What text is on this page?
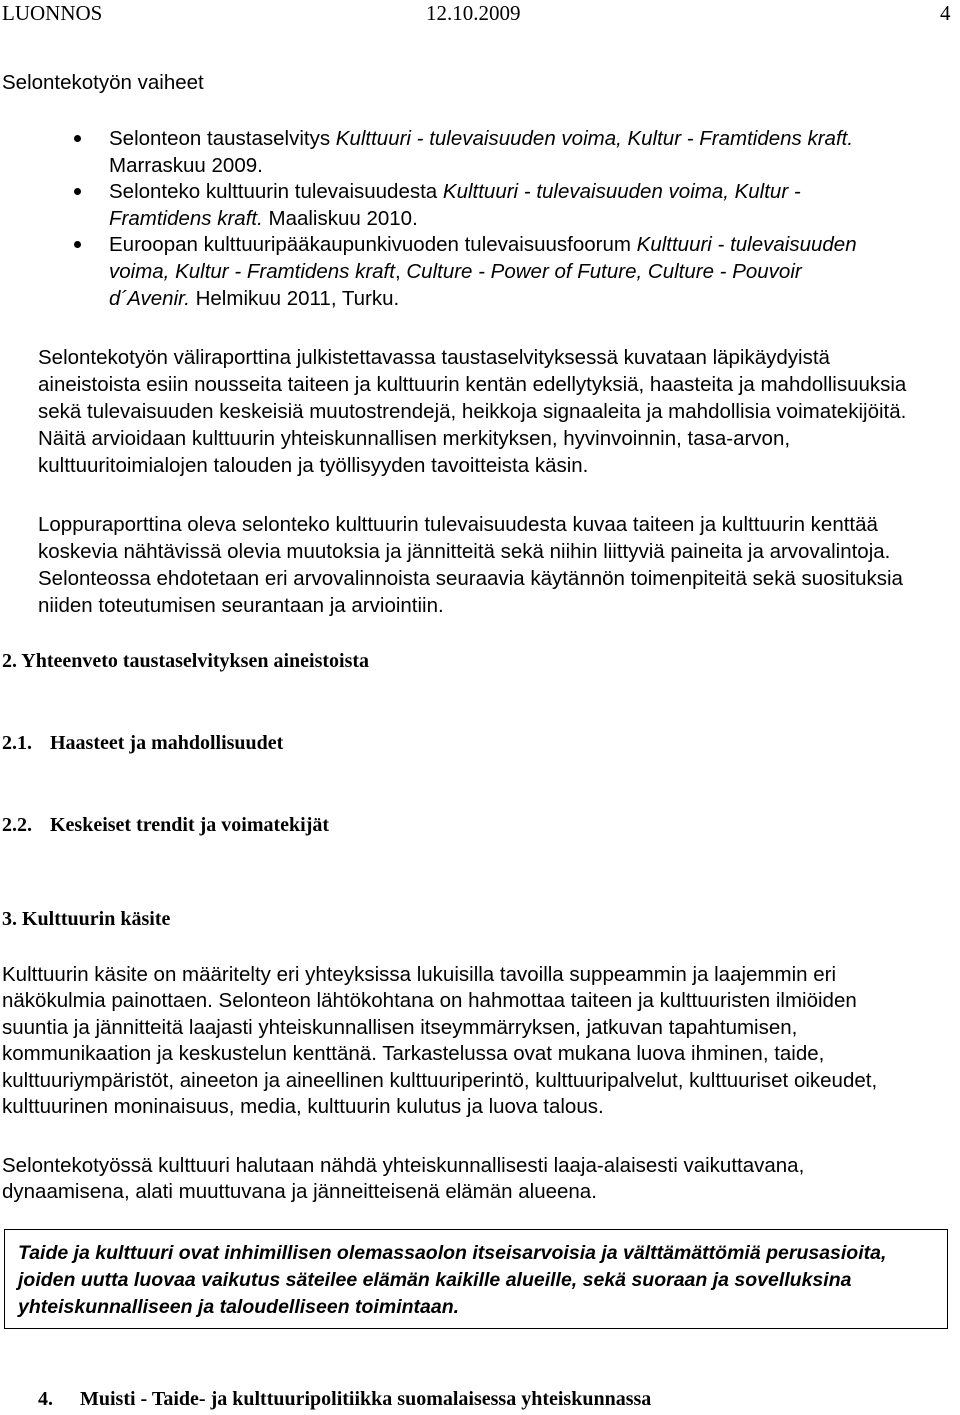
LUONNOS	12.10.2009	4
Selontekotyön vaiheet
Selonteon taustaselvitys Kulttuuri - tulevaisuuden voima, Kultur - Framtidens kraft.
Marraskuu 2009.
Selonteko kulttuurin tulevaisuudesta Kulttuuri - tulevaisuuden voima, Kultur -
Framtidens kraft. Maaliskuu 2010.
Euroopan kulttuuripääkaupunkivuoden tulevaisuusfoorum Kulttuuri - tulevaisuuden
voima, Kultur - Framtidens kraft, Culture - Power of Future, Culture - Pouvoir
d´Avenir. Helmikuu 2011, Turku.
Selontekotyön väliraporttina julkistettavassa taustaselvityksessä kuvataan läpikäydyistä
aineistoista esiin nousseita taiteen ja kulttuurin kentän edellytyksiä, haasteita ja mahdollisuuksia
sekä tulevaisuuden keskeisiä muutostrendejä, heikkoja signaaleita ja mahdollisia voimatekijöitä.
Näitä arvioidaan kulttuurin yhteiskunnallisen merkityksen, hyvinvoinnin, tasa-arvon,
kulttuuritoimialojen talouden ja työllisyyden tavoitteista käsin.
Loppuraporttina oleva selonteko kulttuurin tulevaisuudesta kuvaa taiteen ja kulttuurin kenttää
koskevia nähtävissä olevia muutoksia ja jännitteitä sekä niihin liittyviä paineita ja arvovalintoja.
Selonteossa ehdotetaan eri arvovalinnoista seuraavia käytännön toimenpiteitä sekä suosituksia
niiden toteutumisen seurantaan ja arviointiin.
2. Yhteenveto taustaselvityksen aineistoista
2.1. Haasteet ja mahdollisuudet
2.2. Keskeiset trendit ja voimatekijät
3. Kulttuurin käsite
Kulttuurin käsite on määritelty eri yhteyksissa lukuisilla tavoilla suppeammin ja laajemmin eri
näkökulmia painottaen. Selonteon lähtökohtana on hahmottaa taiteen ja kulttuuristen ilmiöiden
suuntia ja jännitteitä laajasti yhteiskunnallisen itseymmärryksen, jatkuvan tapahtumisen,
kommunikaation ja keskustelun kenttänä. Tarkastelussa ovat mukana luova ihminen, taide,
kulttuuriympäristöt, aineeton ja aineellinen kulttuuriperintö, kulttuuripalvelut, kulttuuriset oikeudet,
kulttuurinen moninaisuus, media, kulttuurin kulutus ja luova talous.
Selontekotyössä kulttuuri halutaan nähdä yhteiskunnallisesti laaja-alaisesti vaikuttavana,
dynaamisena, alati muuttuvana ja jänneitteisenä elämän alueena.
Taide ja kulttuuri ovat inhimillisen olemassaolon itseisarvoisia ja välttämättömiä perusasioita,
joiden uutta luovaa vaikutus säteilee elämän kaikille alueille, sekä suoraan ja sovelluksina
yhteiskunnalliseen ja taloudelliseen toimintaan.
4. Muisti - Taide- ja kulttuuripolitiikka suomalaisessa yhteiskunnassa
